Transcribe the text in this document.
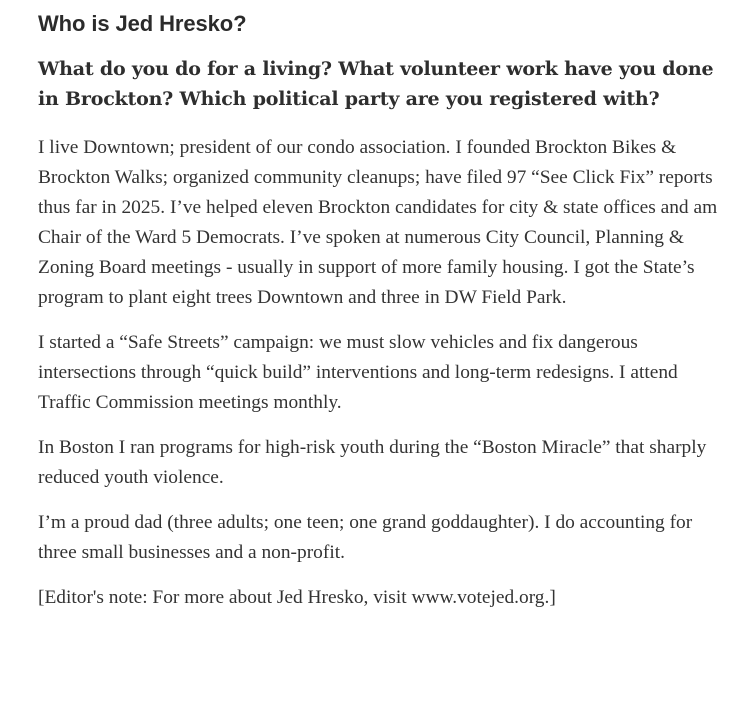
Who is Jed Hresko?
What do you do for a living? What volunteer work have you done in Brockton? Which political party are you registered with?

I live Downtown; president of our condo association. I founded Brockton Bikes & Brockton Walks; organized community cleanups; have filed 97 “See Click Fix” reports thus far in 2025. I’ve helped eleven Brockton candidates for city & state offices and am Chair of the Ward 5 Democrats. I’ve spoken at numerous City Council, Planning & Zoning Board meetings - usually in support of more family housing. I got the State’s program to plant eight trees Downtown and three in DW Field Park.

I started a “Safe Streets” campaign: we must slow vehicles and fix dangerous intersections through “quick build” interventions and long-term redesigns. I attend Traffic Commission meetings monthly.

In Boston I ran programs for high-risk youth during the “Boston Miracle” that sharply reduced youth violence.

I’m a proud dad (three adults; one teen; one grand goddaughter). I do accounting for three small businesses and a non-profit.

[Editor's note: For more about Jed Hresko, visit www.votejed.org.]
